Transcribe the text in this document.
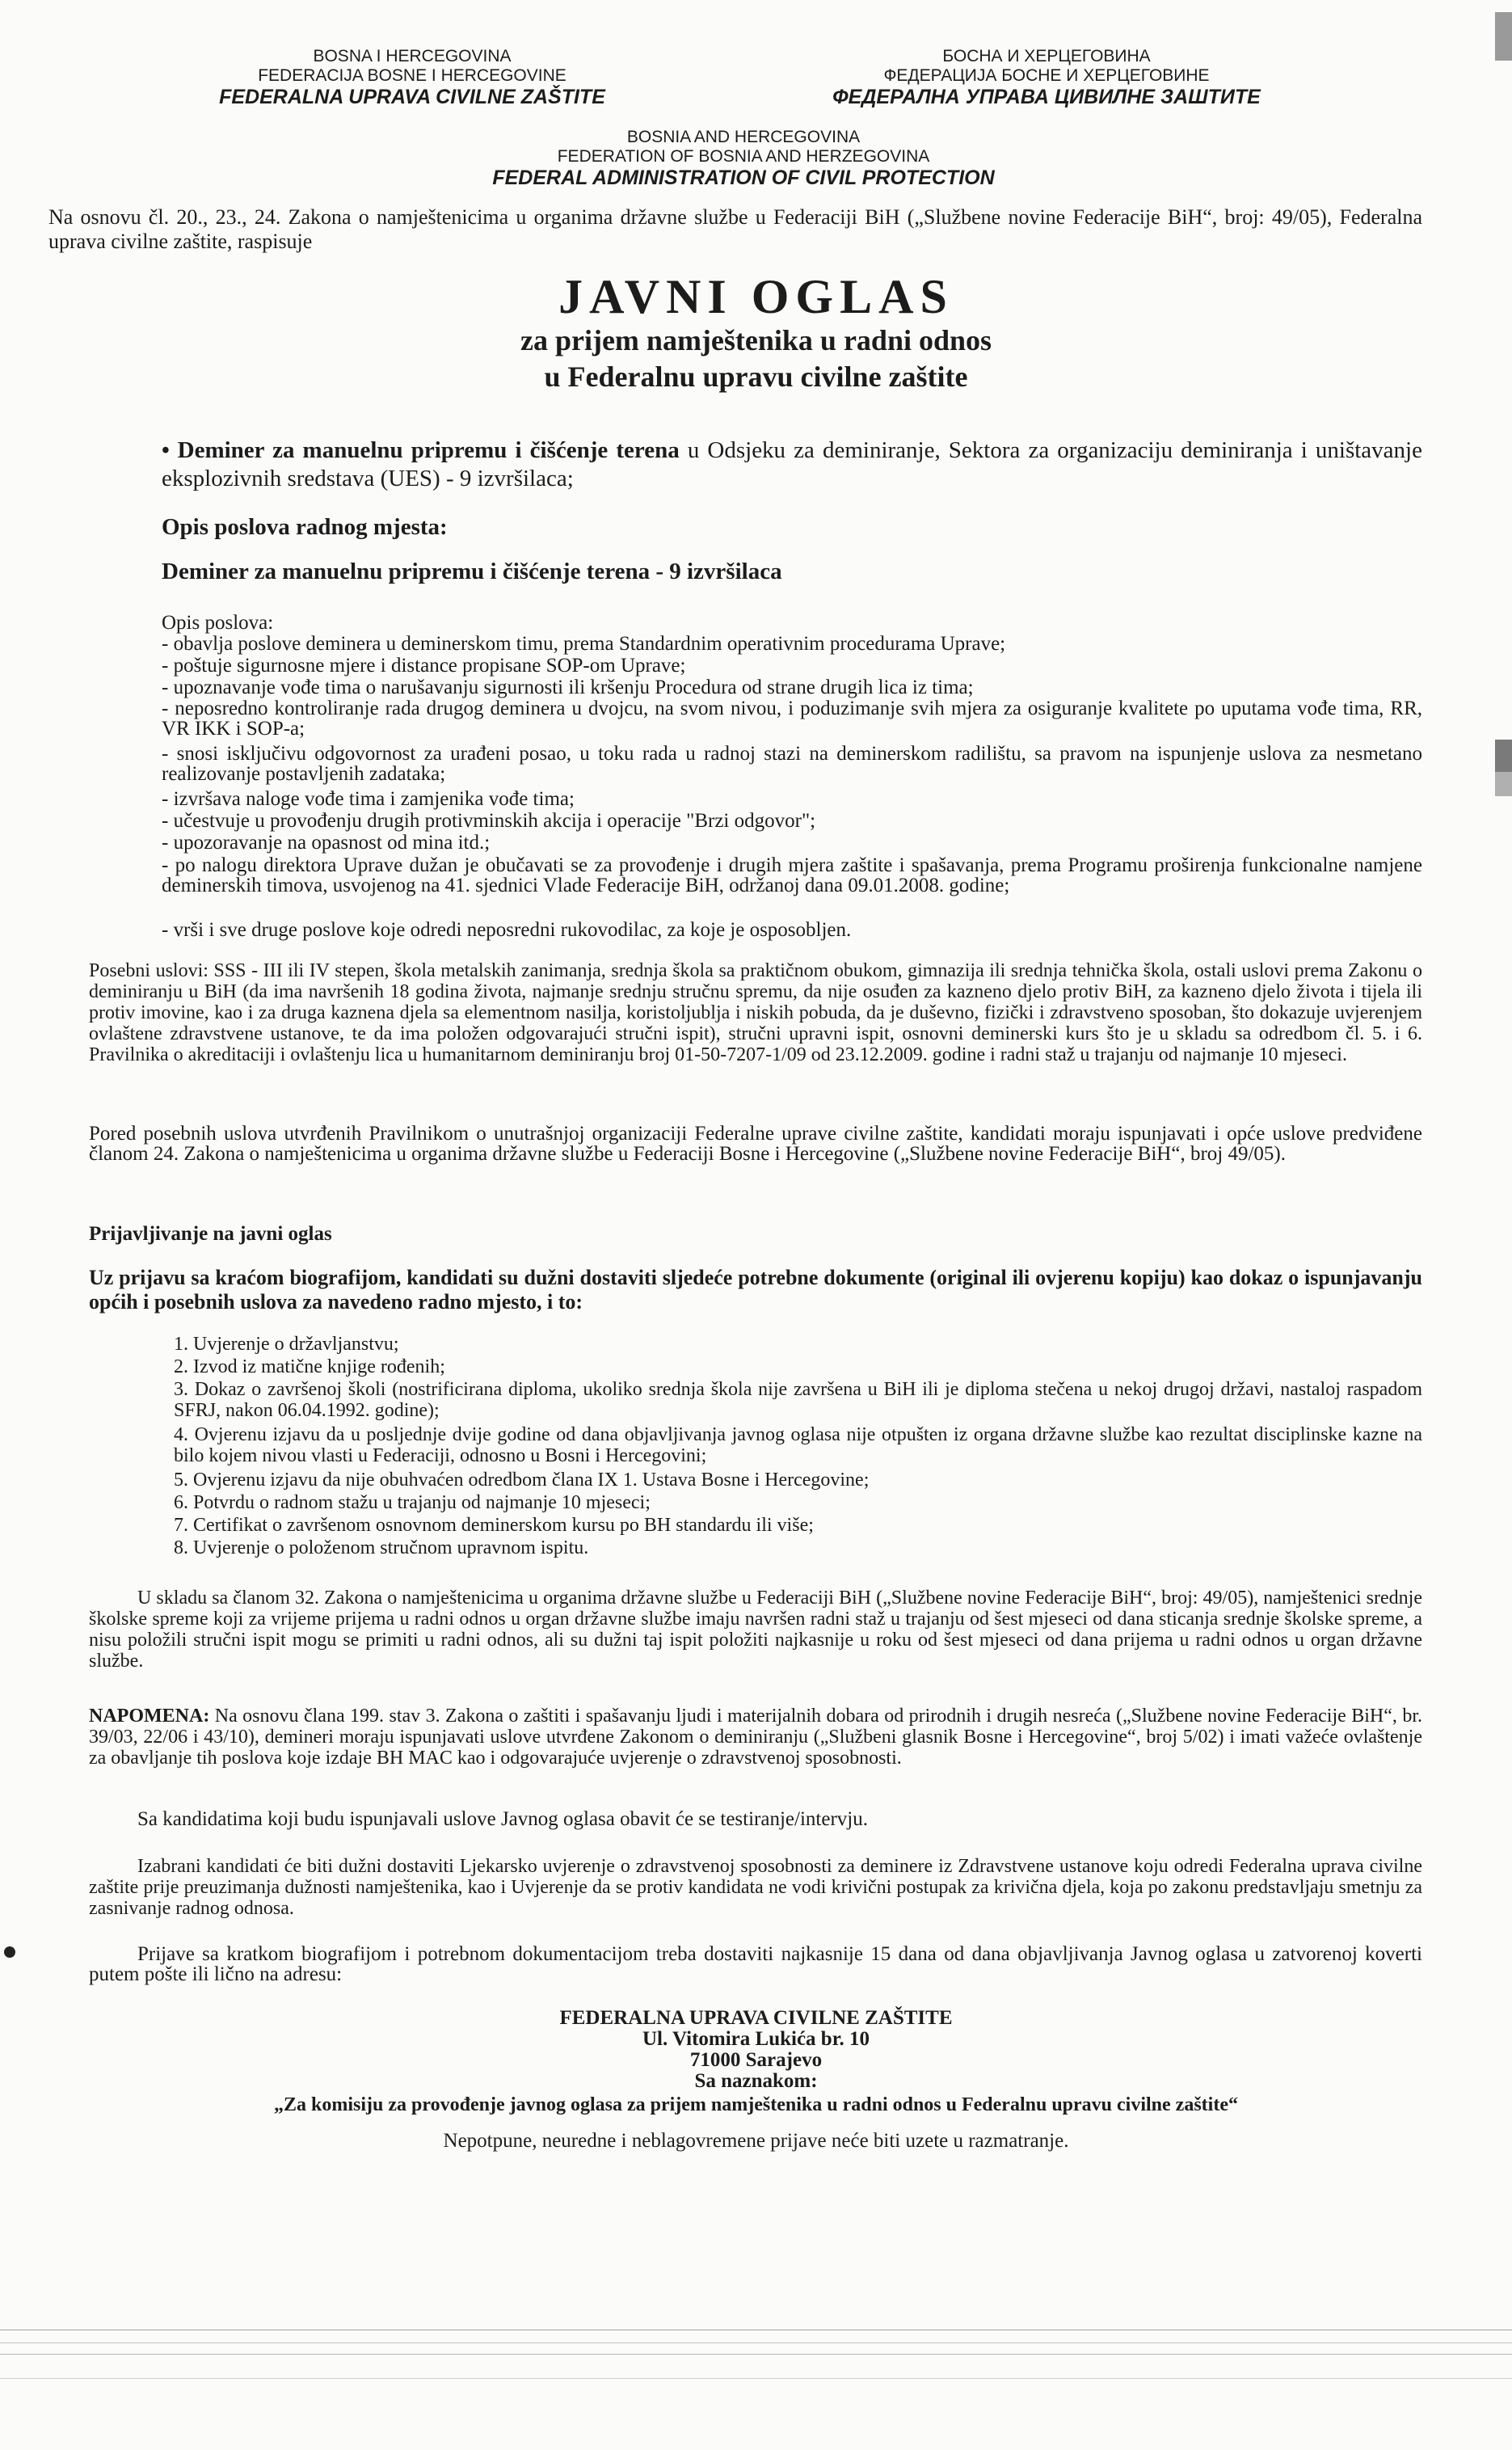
BOSNA I HERCEGOVINA
FEDERACIJA BOSNE I HERCEGOVINE
FEDERALNA UPRAVA CIVILNE ZAŠTITE
БОСНА И ХЕРЦЕГОВИНА
ФЕДЕРАЦИЈА БОСНЕ И ХЕРЦЕГОВИНЕ
ФЕДЕРАЛНА УПРАВА ЦИВИЛНЕ ЗАШТИТЕ
BOSNIA AND HERCEGOVINA
FEDERATION OF BOSNIA AND HERZEGOVINA
FEDERAL ADMINISTRATION OF CIVIL PROTECTION
Na osnovu čl. 20., 23., 24. Zakona o namještenicima u organima državne službe u Federaciji BiH („Službene novine Federacije BiH“, broj: 49/05), Federalna uprava civilne zaštite, raspisuje
JAVNI OGLAS
za prijem namještenika u radni odnos
u Federalnu upravu civilne zaštite
• Deminer za manuelnu pripremu i čišćenje terena u Odsjeku za deminiranje, Sektora za organizaciju deminiranja i uništavanje eksplozivnih sredstava (UES) - 9 izvršilaca;
Opis poslova radnog mjesta:
Deminer za manuelnu pripremu i čišćenje terena - 9 izvršilaca
Opis poslova:
- obavlja poslove deminera u deminerskom timu, prema Standardnim operativnim procedurama Uprave;
- poštuje sigurnosne mjere i distance propisane SOP-om Uprave;
- upoznavanje vođe tima o narušavanju sigurnosti ili kršenju Procedura od strane drugih lica iz tima;
- neposredno kontroliranje rada drugog deminera u dvojcu, na svom nivou, i poduzimanje svih mjera za osiguranje kvalitete po uputama vođe tima, RR, VR IKK i SOP-a;
- snosi isključivu odgovornost za urađeni posao, u toku rada u radnoj stazi na deminerskom radilištu, sa pravom na ispunjenje uslova za nesmetano realizovanje postavljenih zadataka;
- izvršava naloge vođe tima i zamjenika vođe tima;
- učestvuje u provođenju drugih protivminskih akcija i operacije "Brzi odgovor";
- upozoravanje na opasnost od mina itd.;
- po nalogu direktora Uprave dužan je obučavati se za provođenje i drugih mjera zaštite i spašavanja, prema Programu proširenja funkcionalne namjene deminerskih timova, usvojenog na 41. sjednici Vlade Federacije BiH, održanoj dana 09.01.2008. godine;
- vrši i sve druge poslove koje odredi neposredni rukovodilac, za koje je osposobljen.
Posebni uslovi: SSS - III ili IV stepen, škola metalskih zanimanja, srednja škola sa praktičnom obukom, gimnazija ili srednja tehnička škola, ostali uslovi prema Zakonu o deminiranju u BiH (da ima navršenih 18 godina života, najmanje srednju stručnu spremu, da nije osuđen za kazneno djelo protiv BiH, za kazneno djelo života i tijela ili protiv imovine, kao i za druga kaznena djela sa elementnom nasilja, koristoljublja i niskih pobuda, da je duševno, fizički i zdravstveno sposoban, što dokazuje uvjerenjem ovlaštene zdravstvene ustanove, te da ima položen odgovarajući stručni ispit), stručni upravni ispit, osnovni deminerski kurs što je u skladu sa odredbom čl. 5. i 6. Pravilnika o akreditaciji i ovlaštenju lica u humanitarnom deminiranju broj 01-50-7207-1/09 od 23.12.2009. godine i radni staž u trajanju od najmanje 10 mjeseci.
Pored posebnih uslova utvrđenih Pravilnikom o unutrašnjoj organizaciji Federalne uprave civilne zaštite, kandidati moraju ispunjavati i opće uslove predviđene članom 24. Zakona o namještenicima u organima državne službe u Federaciji Bosne i Hercegovine („Službene novine Federacije BiH“, broj 49/05).
Prijavljivanje na javni oglas
Uz prijavu sa kraćom biografijom, kandidati su dužni dostaviti sljedeće potrebne dokumente (original ili ovjerenu kopiju) kao dokaz o ispunjavanju općih i posebnih uslova za navedeno radno mjesto, i to:
1. Uvjerenje o državljanstvu;
2. Izvod iz matične knjige rođenih;
3. Dokaz o završenoj školi (nostrificirana diploma, ukoliko srednja škola nije završena u BiH ili je diploma stečena u nekoj drugoj državi, nastaloj raspadom SFRJ, nakon 06.04.1992. godine);
4. Ovjerenu izjavu da u posljednje dvije godine od dana objavljivanja javnog oglasa nije otpušten iz organa državne službe kao rezultat disciplinske kazne na bilo kojem nivou vlasti u Federaciji, odnosno u Bosni i Hercegovini;
5. Ovjerenu izjavu da nije obuhvaćen odredbom člana IX 1. Ustava Bosne i Hercegovine;
6. Potvrdu o radnom stažu u trajanju od najmanje 10 mjeseci;
7. Certifikat o završenom osnovnom deminerskom kursu po BH standardu ili više;
8. Uvjerenje o položenom stručnom upravnom ispitu.
U skladu sa članom 32. Zakona o namještenicima u organima državne službe u Federaciji BiH („Službene novine Federacije BiH“, broj: 49/05), namještenici srednje školske spreme koji za vrijeme prijema u radni odnos u organ državne službe imaju navršen radni staž u trajanju od šest mjeseci od dana sticanja srednje školske spreme, a nisu položili stručni ispit mogu se primiti u radni odnos, ali su dužni taj ispit položiti najkasnije u roku od šest mjeseci od dana prijema u radni odnos u organ državne službe.
NAPOMENA: Na osnovu člana 199. stav 3. Zakona o zaštiti i spašavanju ljudi i materijalnih dobara od prirodnih i drugih nesreća („Službene novine Federacije BiH“, br. 39/03, 22/06 i 43/10), demineri moraju ispunjavati uslove utvrđene Zakonom o deminiranju („Službeni glasnik Bosne i Hercegovine“, broj 5/02) i imati važeće ovlaštenje za obavljanje tih poslova koje izdaje BH MAC kao i odgovarajuće uvjerenje o zdravstvenoj sposobnosti.
Sa kandidatima koji budu ispunjavali uslove Javnog oglasa obavit će se testiranje/intervju.
Izabrani kandidati će biti dužni dostaviti Ljekarsko uvjerenje o zdravstvenoj sposobnosti za deminere iz Zdravstvene ustanove koju odredi Federalna uprava civilne zaštite prije preuzimanja dužnosti namještenika, kao i Uvjerenje da se protiv kandidata ne vodi krivični postupak za krivična djela, koja po zakonu predstavljaju smetnju za zasnivanje radnog odnosa.
Prijave sa kratkom biografijom i potrebnom dokumentacijom treba dostaviti najkasnije 15 dana od dana objavljivanja Javnog oglasa u zatvorenoj koverti putem pošte ili lično na adresu:
FEDERALNA UPRAVA CIVILNE ZAŠTITE
Ul. Vitomira Lukića br. 10
71000 Sarajevo
Sa naznakom:
„Za komisiju za provođenje javnog oglasa za prijem namještenika u radni odnos u Federalnu upravu civilne zaštite“
Nepotpune, neuredne i neblagovremene prijave neće biti uzete u razmatranje.
